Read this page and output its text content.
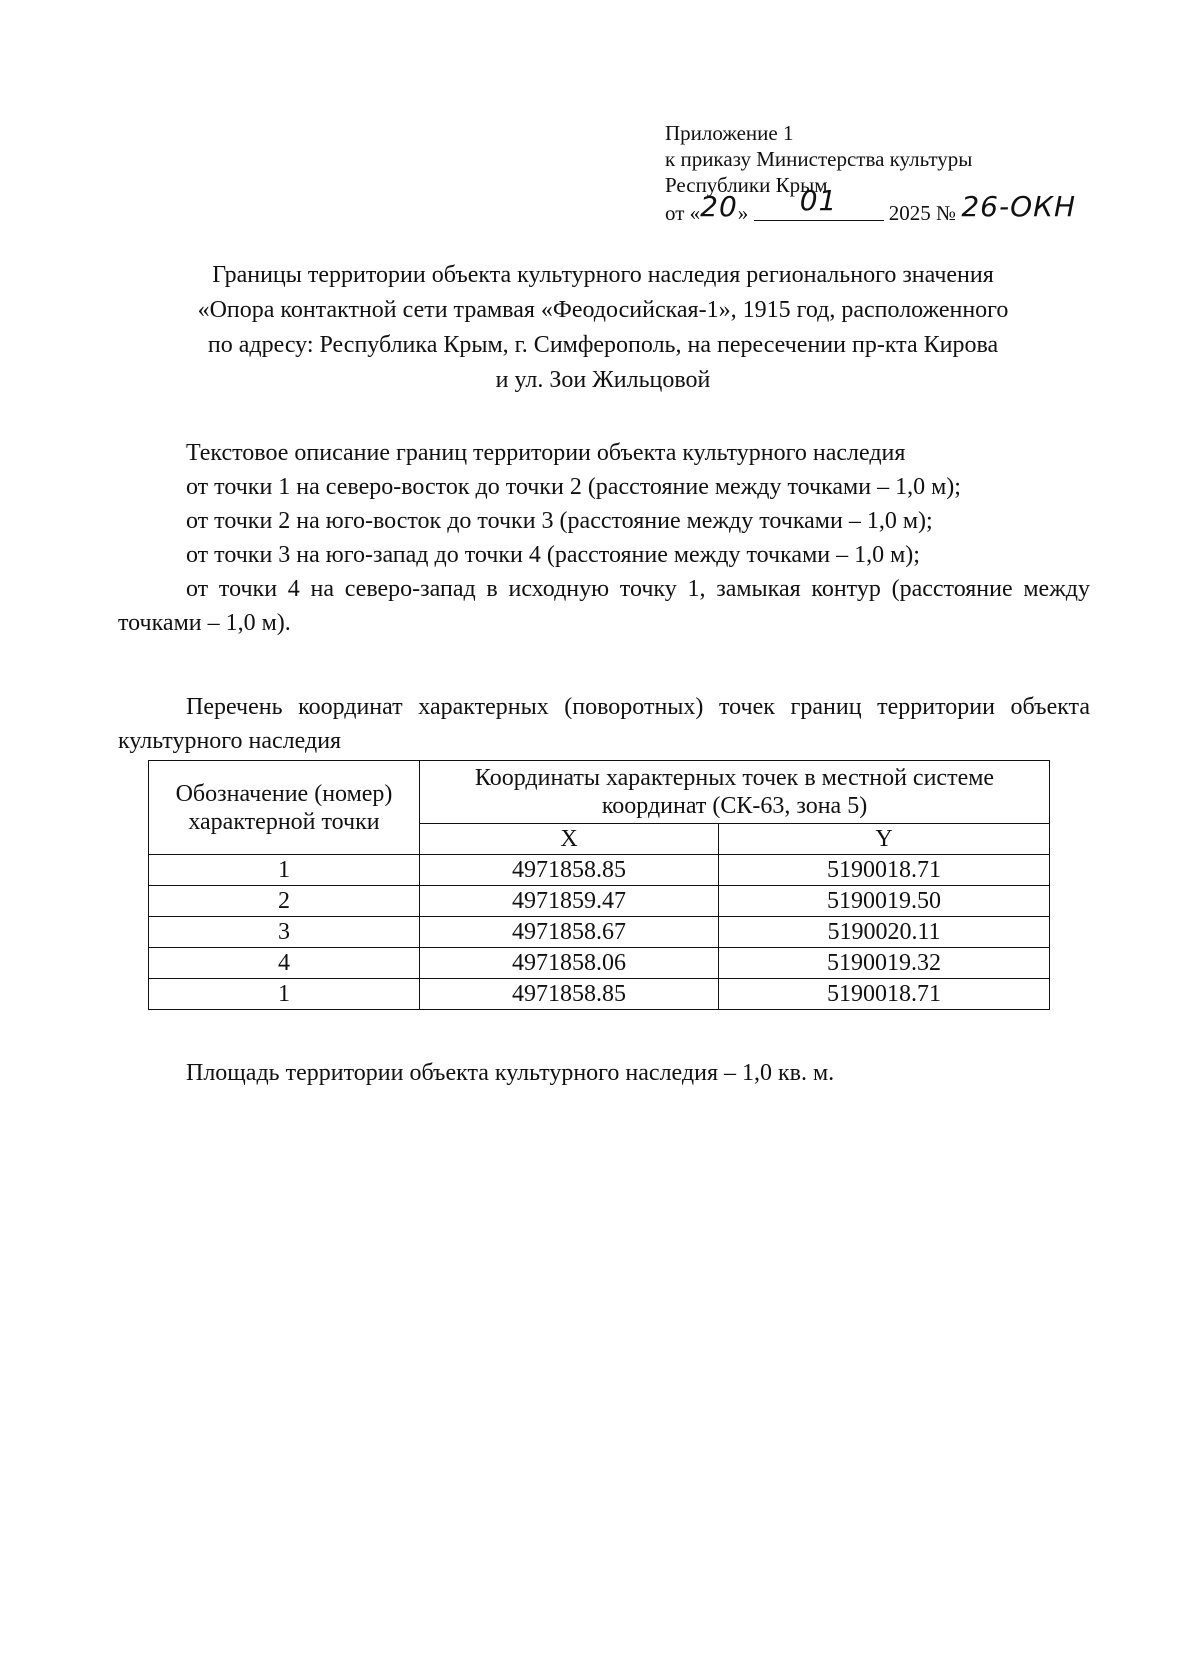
Приложение 1
к приказу Министерства культуры
Республики Крым
от «20» 01 2025 № 26-ОКН
Границы территории объекта культурного наследия регионального значения
«Опора контактной сети трамвая «Феодосийская-1», 1915 год, расположенного
по адресу: Республика Крым, г. Симферополь, на пересечении пр-кта Кирова
и ул. Зои Жильцовой
Текстовое описание границ территории объекта культурного наследия
от точки 1 на северо-восток до точки 2 (расстояние между точками – 1,0 м);
от точки 2 на юго-восток до точки 3 (расстояние между точками – 1,0 м);
от точки 3 на юго-запад до точки 4 (расстояние между точками – 1,0 м);
от точки 4 на северо-запад в исходную точку 1, замыкая контур (расстояние между точками – 1,0 м).
Перечень координат характерных (поворотных) точек границ территории объекта культурного наследия
Обозначение (номер) характерной точки	Координаты характерных точек в местной системе координат (СК-63, зона 5)	
	X	Y
1	4971858.85	5190018.71
2	4971859.47	5190019.50
3	4971858.67	5190020.11
4	4971858.06	5190019.32
1	4971858.85	5190018.71
Площадь территории объекта культурного наследия – 1,0 кв. м.
